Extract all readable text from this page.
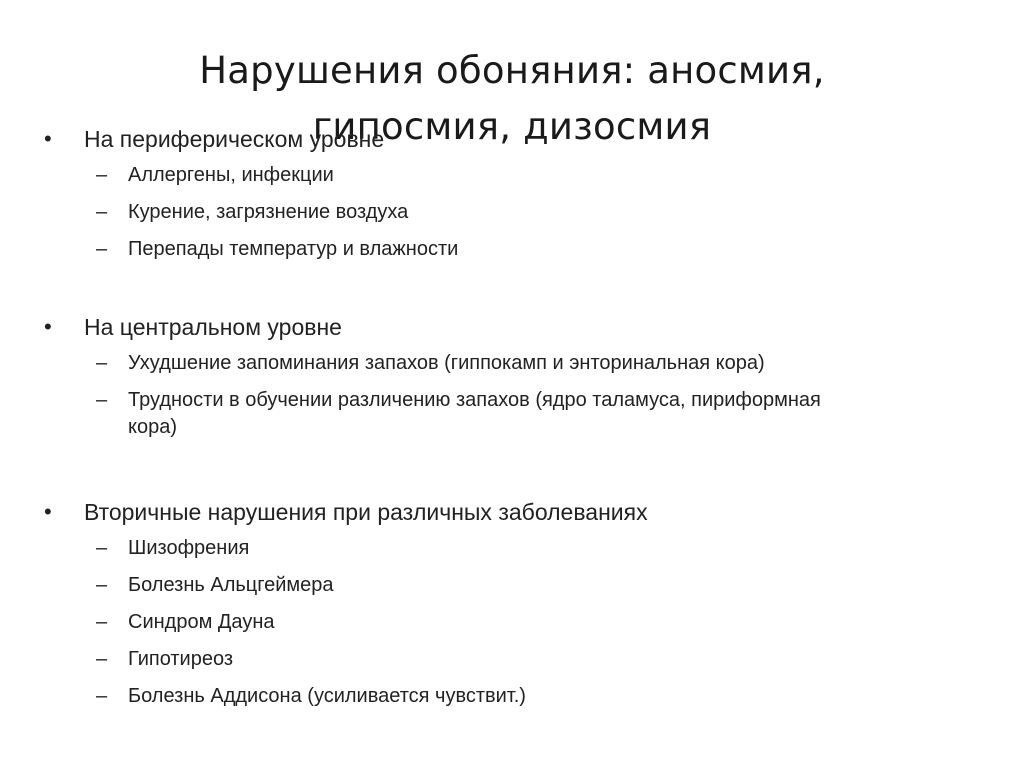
Нарушения обоняния: аносмия,
гипосмия, дизосмия
• На периферическом уровне
– Аллергены, инфекции
– Курение, загрязнение воздуха
– Перепады температур и влажности
• На центральном уровне
– Ухудшение запоминания запахов (гиппокамп и энторинальная кора)
– Трудности в обучении различению запахов (ядро таламуса, пириформная кора)
• Вторичные нарушения при различных заболеваниях
– Шизофрения
– Болезнь Альцгеймера
– Синдром Дауна
– Гипотиреоз
– Болезнь Аддисона (усиливается чувствит.)
